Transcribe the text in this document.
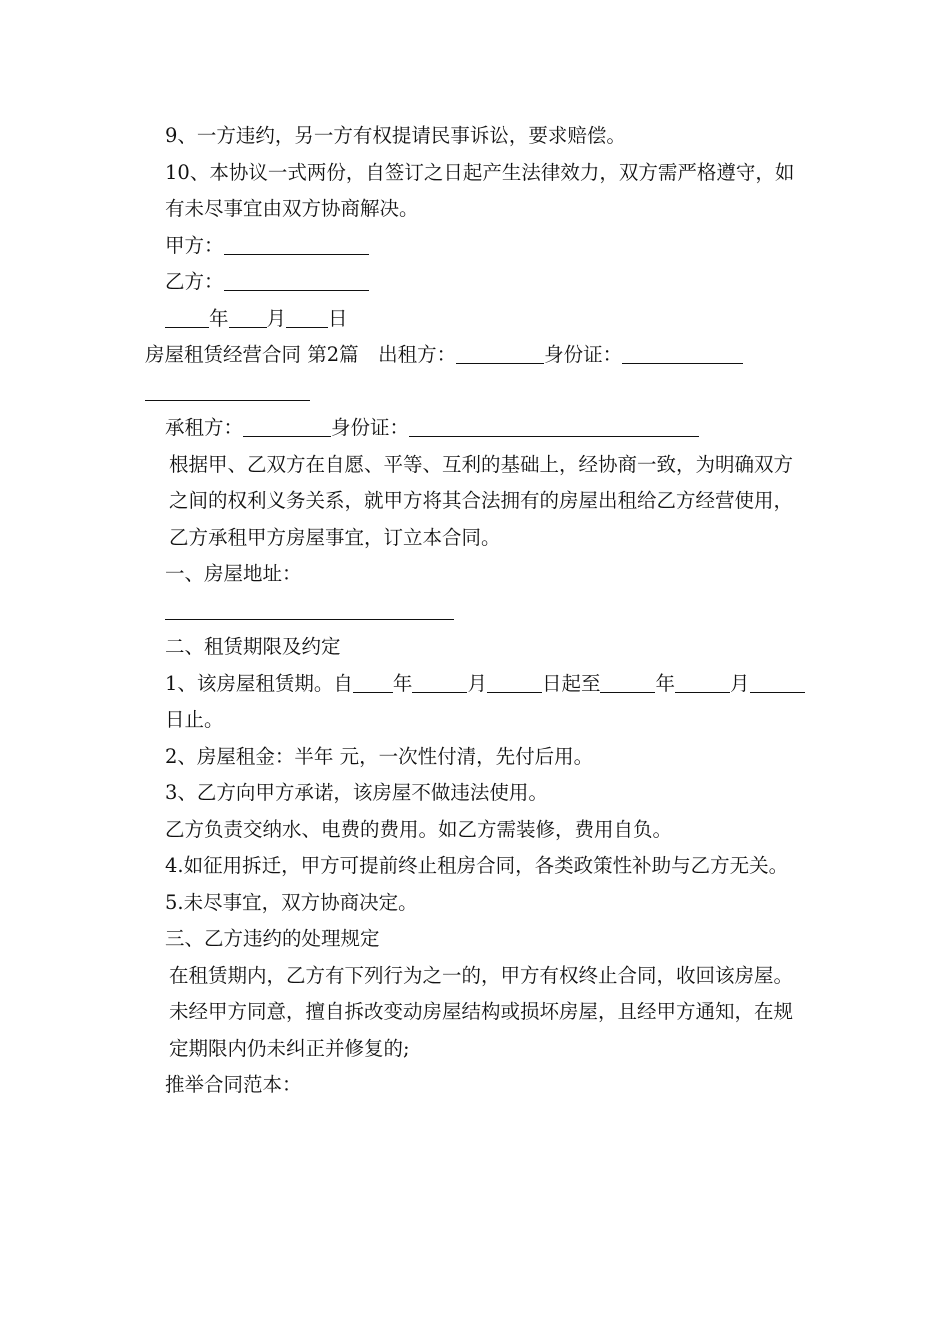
9、一方违约，另一方有权提请民事诉讼，要求赔偿。

10、本协议一式两份，自签订之日起产生法律效力，双方需严格遵守，如有未尽事宜由双方协商解决。

甲方：

乙方：

年 月 日

房屋租赁经营合同 第2篇　出租方：	身份证：

承租方：	身份证：

根据甲、乙双方在自愿、平等、互利的基础上，经协商一致，为明确双方之间的权利义务关系，就甲方将其合法拥有的房屋出租给乙方经营使用，乙方承租甲方房屋事宜，订立本合同。

一、房屋地址：

二、租赁期限及约定

1、该房屋租赁期。自 年	月	日起至	年	月日止。

2、房屋租金：半年 元，一次性付清，先付后用。

3、乙方向甲方承诺，该房屋不做违法使用。

乙方负责交纳水、电费的费用。如乙方需装修，费用自负。

4.如征用拆迁，甲方可提前终止租房合同，各类政策性补助与乙方无关。

5.未尽事宜，双方协商决定。

三、乙方违约的处理规定

在租赁期内，乙方有下列行为之一的，甲方有权终止合同，收回该房屋。

未经甲方同意，擅自拆改变动房屋结构或损坏房屋，且经甲方通知，在规定期限内仍未纠正并修复的;

推举合同范本：
